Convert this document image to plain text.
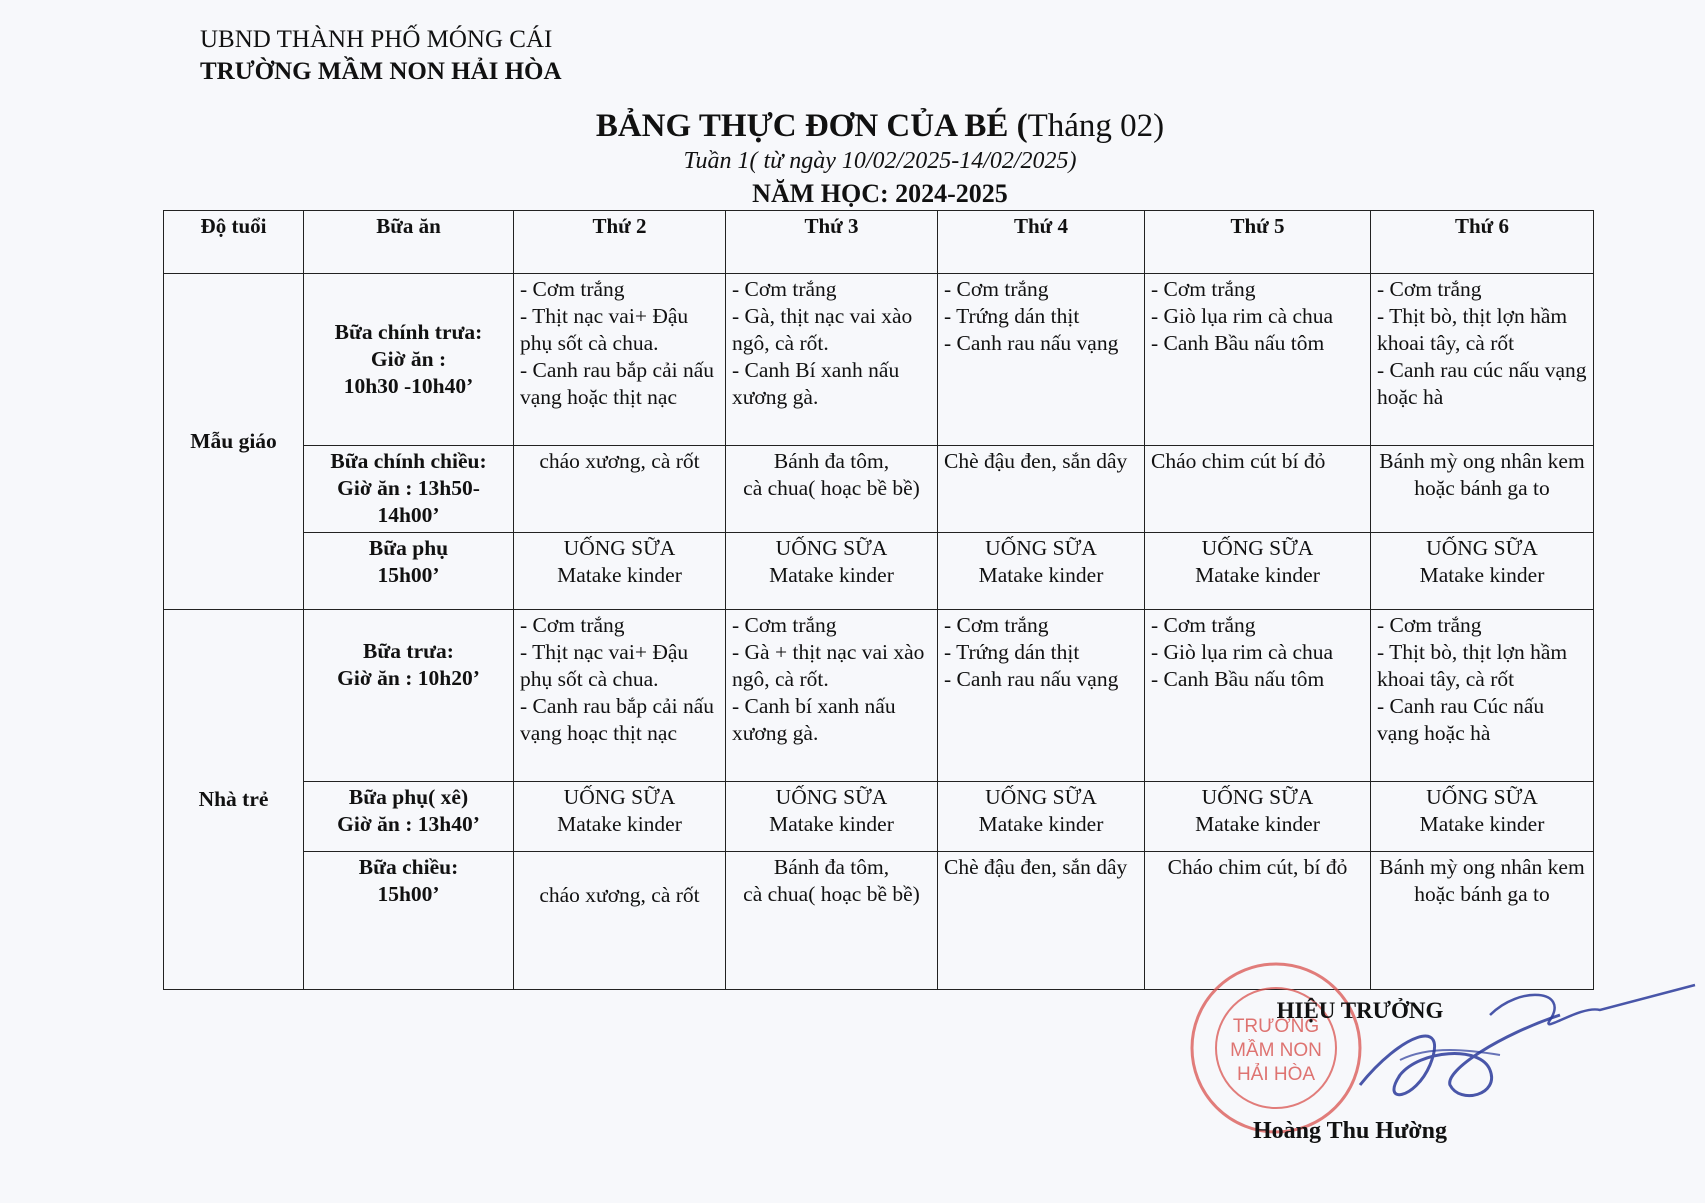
UBND THÀNH PHỐ MÓNG CÁI
TRƯỜNG MẦM NON HẢI HÒA
BẢNG THỰC ĐƠN CỦA BÉ (Tháng 02)
Tuần 1( từ ngày 10/02/2025-14/02/2025)
NĂM HỌC: 2024-2025
Độ tuổi	Bữa ăn	Thứ 2	Thứ 3	Thứ 4	Thứ 5	Thứ 6
Mẫu giáo	Bữa chính trưa:
Giờ ăn :
10h30 -10h40’	- Cơm trắng
- Thịt nạc vai+ Đậu phụ sốt cà chua.
- Canh rau bắp cải nấu vạng hoặc thịt nạc	- Cơm trắng
- Gà, thịt nạc vai xào ngô, cà rốt.
- Canh Bí xanh nấu xương gà.	- Cơm trắng
- Trứng dán thịt
- Canh rau nấu vạng	- Cơm trắng
- Giò lụa rim cà chua
- Canh Bầu nấu tôm	- Cơm trắng
- Thịt bò, thịt lợn hầm khoai tây, cà rốt
- Canh rau cúc nấu vạng hoặc hà

	Bữa chính chiều:
Giờ ăn : 13h50-14h00’	cháo xương, cà rốt	Bánh đa tôm,
cà chua( hoạc bề bề)	Chè đậu đen, sắn dây	Cháo chim cút bí đỏ	Bánh mỳ ong nhân kem hoặc bánh ga to

	Bữa phụ
15h00’	UỐNG SỮA
Matake kinder	UỐNG SỮA
Matake kinder	UỐNG SỮA
Matake kinder	UỐNG SỮA
Matake kinder	UỐNG SỮA
Matake kinder

Nhà trẻ	Bữa trưa:
Giờ ăn : 10h20’	- Cơm trắng
- Thịt nạc vai+ Đậu phụ sốt cà chua.
- Canh rau bắp cải nấu vạng hoạc thịt nạc	- Cơm trắng
- Gà + thịt nạc vai xào ngô, cà rốt.
- Canh bí xanh nấu xương gà.	- Cơm trắng
- Trứng dán thịt
- Canh rau nấu vạng	- Cơm trắng
- Giò lụa rim cà chua
- Canh Bầu nấu tôm	- Cơm trắng
- Thịt bò, thịt lợn hầm khoai tây, cà rốt
- Canh rau Cúc nấu vạng hoặc hà

	Bữa phụ( xê)
Giờ ăn : 13h40’	UỐNG SỮA
Matake kinder	UỐNG SỮA
Matake kinder	UỐNG SỮA
Matake kinder	UỐNG SỮA
Matake kinder	UỐNG SỮA
Matake kinder

	Bữa chiều:
15h00’	cháo xương, cà rốt	Bánh đa tôm,
cà chua( hoạc bề bề)	Chè đậu đen, sắn dây	Cháo chim cút, bí đỏ	Bánh mỳ ong nhân kem hoặc bánh ga to
TRƯỜNG
MẦM NON
HẢI HÒA
HIỆU TRƯỞNG
Hoàng Thu Hường
